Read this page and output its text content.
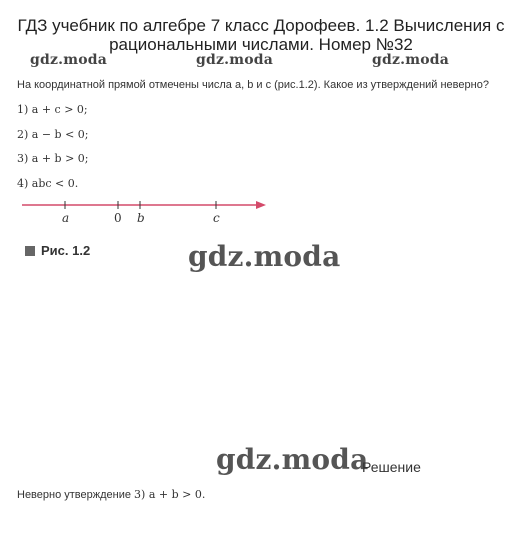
ГДЗ учебник по алгебре 7 класс Дорофеев. 1.2 Вычисления с рациональными числами. Номер №32
gdz.moda	gdz.moda	gdz.moda
На координатной прямой отмечены числа a, b и c (рис.1.2). Какое из утверждений неверно?
1) a + c > 0;
2) a − b < 0;
3) a + b > 0;
4) abc < 0.
a	0 b	c
Рис. 1.2	gdz.moda
gdz.moda
Решение
Неверно утверждение 3) a + b > 0.
